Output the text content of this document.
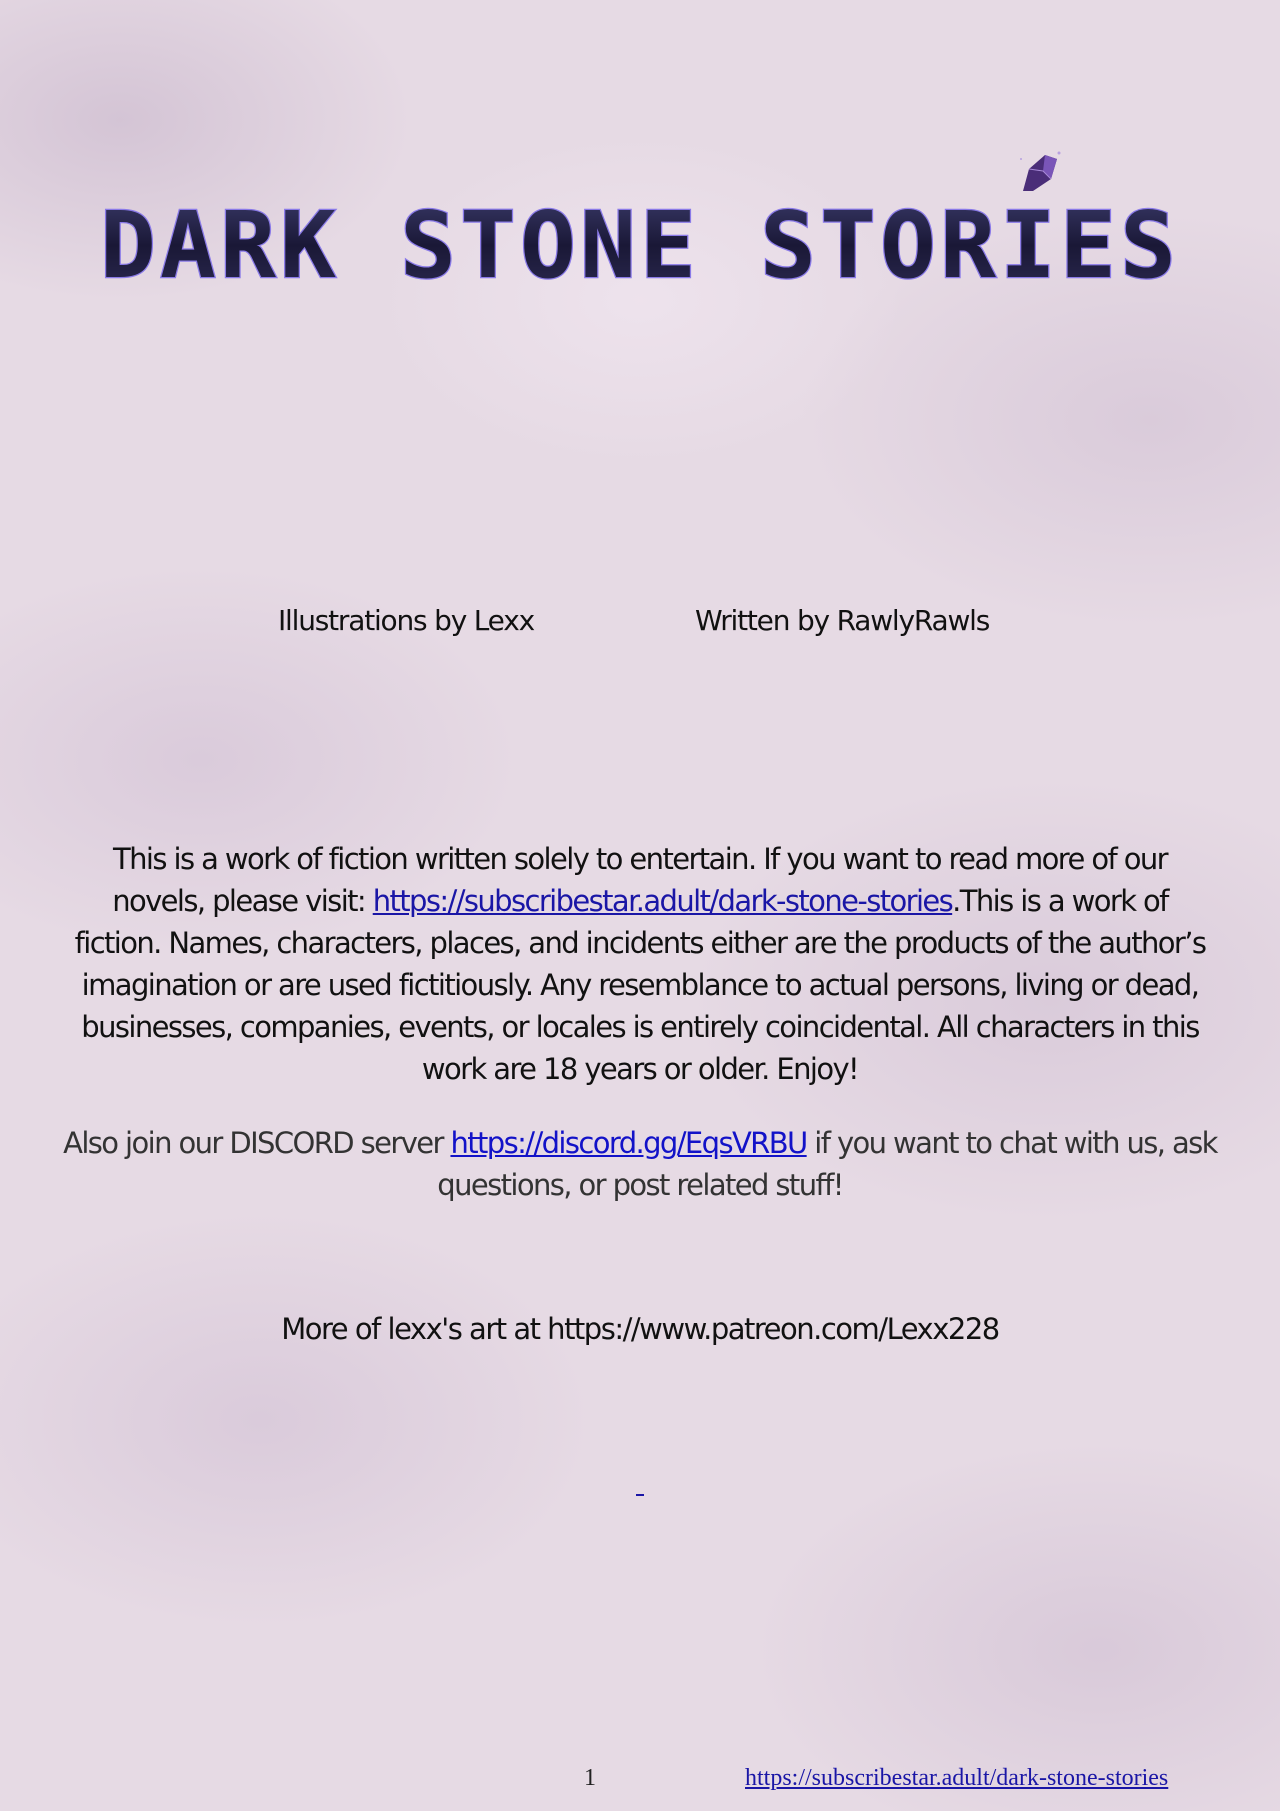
DARK STONE STORIES
Illustrations by Lexx	Written by RawlyRawls
This is a work of fiction written solely to entertain. If you want to read more of our novels, please visit: https://subscribestar.adult/dark-stone-stories.This is a work of fiction. Names, characters, places, and incidents either are the products of the author’s imagination or are used fictitiously. Any resemblance to actual persons, living or dead, businesses, companies, events, or locales is entirely coincidental. All characters in this work are 18 years or older. Enjoy!
Also join our DISCORD server https://discord.gg/EqsVRBU if you want to chat with us, ask questions, or post related stuff!
More of lexx's art at https://www.patreon.com/Lexx228
1	https://subscribestar.adult/dark-stone-stories
